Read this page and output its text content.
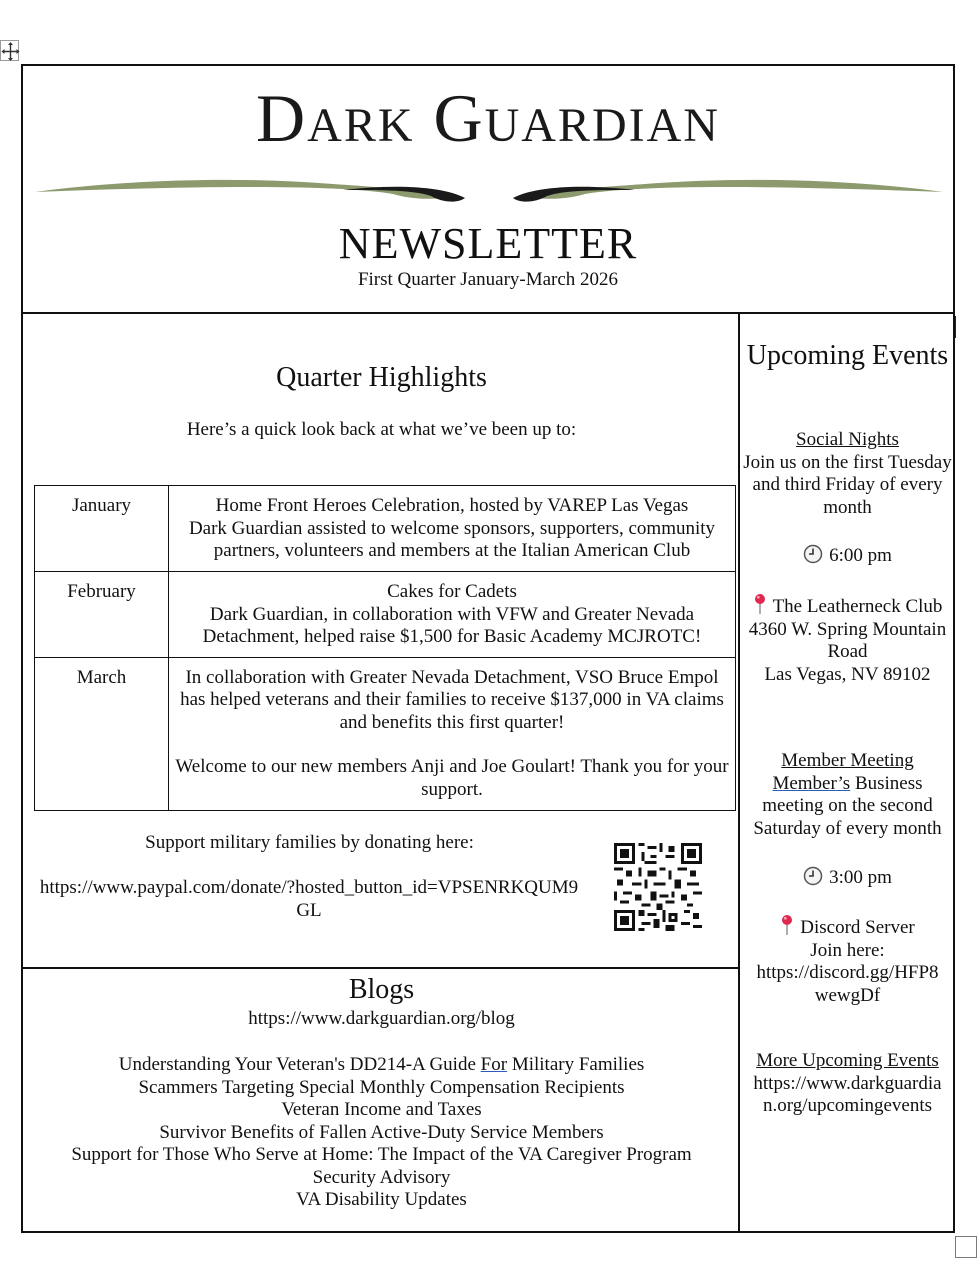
Dark Guardian
NEWSLETTER
First Quarter January-March 2026
Quarter Highlights
Here’s a quick look back at what we’ve been up to:
January	Home Front Heroes Celebration, hosted by VAREP Las Vegas
Dark Guardian assisted to welcome sponsors, supporters, community partners, volunteers and members at the Italian American Club
February	Cakes for Cadets
Dark Guardian, in collaboration with VFW and Greater Nevada Detachment, helped raise $1,500 for Basic Academy MCJROTC!
March	In collaboration with Greater Nevada Detachment, VSO Bruce Empol has helped veterans and their families to receive $137,000 in VA claims and benefits this first quarter!
Welcome to our new members Anji and Joe Goulart! Thank you for your support.
Support military families by donating here:
https://www.paypal.com/donate/?hosted_button_id=VPSENRKQUM9GL
Blogs
https://www.darkguardian.org/blog
Understanding Your Veteran's DD214-A Guide For Military Families
Scammers Targeting Special Monthly Compensation Recipients
Veteran Income and Taxes
Survivor Benefits of Fallen Active-Duty Service Members
Support for Those Who Serve at Home: The Impact of the VA Caregiver Program
Security Advisory
VA Disability Updates
Upcoming Events
Social Nights
Join us on the first Tuesday and third Friday of every month
6:00 pm
The Leatherneck Club
4360 W. Spring Mountain Road
Las Vegas, NV 89102
Member Meeting
Member’s Business meeting on the second Saturday of every month
3:00 pm
Discord Server
Join here:
https://discord.gg/HFP8wewgDf
More Upcoming Events
https://www.darkguardian.org/upcomingevents
